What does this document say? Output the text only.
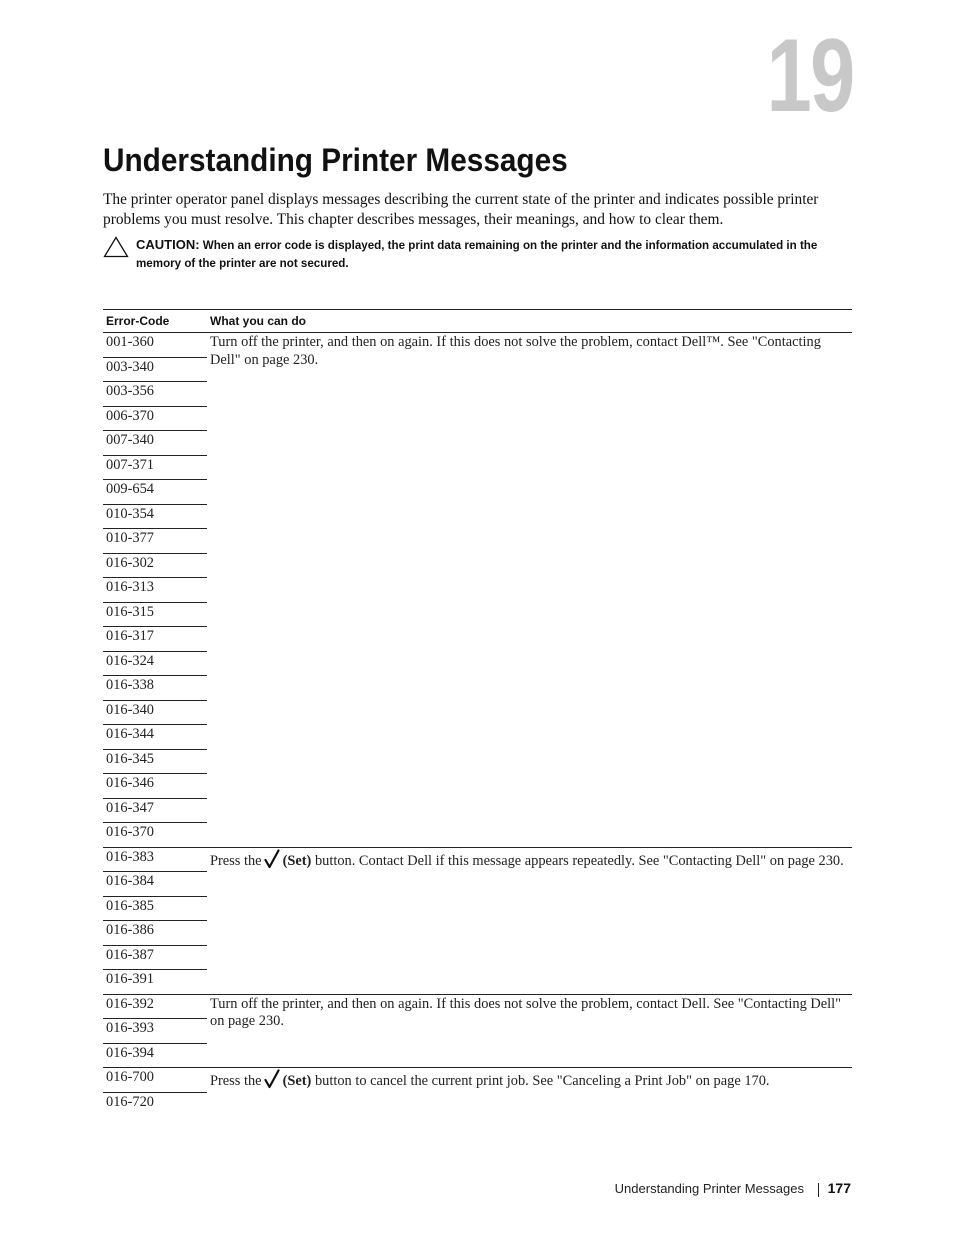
19
Understanding Printer Messages

The printer operator panel displays messages describing the current state of the printer and indicates possible printer problems you must resolve. This chapter describes messages, their meanings, and how to clear them.

CAUTION: When an error code is displayed, the print data remaining on the printer and the information accumulated in the memory of the printer are not secured.

Error-Code	What you can do
001-360	Turn off the printer, and then on again. If this does not solve the problem, contact Dell™. See "Contacting Dell" on page 230.
003-340	
003-356	
006-370	
007-340	
007-371	
009-654	
010-354	
010-377	
016-302	
016-313	
016-315	
016-317	
016-324	
016-338	
016-340	
016-344	
016-345	
016-346	
016-347	
016-370	
016-383	Press the (Set) button. Contact Dell if this message appears repeatedly. See "Contacting Dell" on page 230.
016-384	
016-385	
016-386	
016-387	
016-391	
016-392	Turn off the printer, and then on again. If this does not solve the problem, contact Dell. See "Contacting Dell" on page 230.
016-393	
016-394	
016-700	Press the (Set) button to cancel the current print job. See "Canceling a Print Job" on page 170.
016-720	
Understanding Printer Messages 177
